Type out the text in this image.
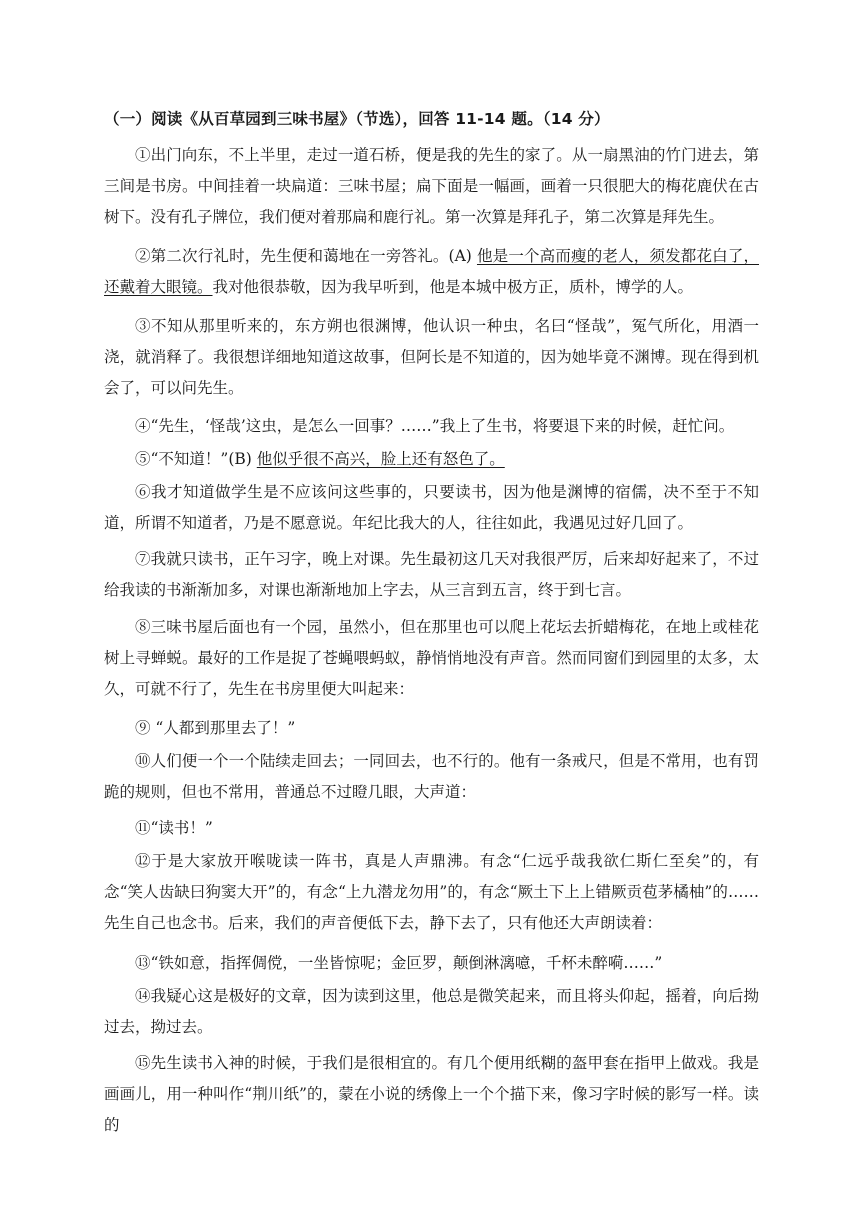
（一）阅读《从百草园到三味书屋》（节选），回答 11-14 题。（14 分）

①出门向东，不上半里，走过一道石桥，便是我的先生的家了。从一扇黑油的竹门进去，第三间是书房。中间挂着一块扁道：三味书屋；扁下面是一幅画，画着一只很肥大的梅花鹿伏在古树下。没有孔子牌位，我们便对着那扁和鹿行礼。第一次算是拜孔子，第二次算是拜先生。

②第二次行礼时，先生便和蔼地在一旁答礼。(A) 他是一个高而瘦的老人，须发都花白了，还戴着大眼镜。我对他很恭敬，因为我早听到，他是本城中极方正，质朴，博学的人。

③不知从那里听来的，东方朔也很渊博，他认识一种虫，名曰“怪哉”，冤气所化，用酒一浇，就消释了。我很想详细地知道这故事，但阿长是不知道的，因为她毕竟不渊博。现在得到机会了，可以问先生。

④“先生，‘怪哉’这虫，是怎么一回事？……”我上了生书，将要退下来的时候，赶忙问。

⑤“不知道！”(B) 他似乎很不高兴，脸上还有怒色了。

⑥我才知道做学生是不应该问这些事的，只要读书，因为他是渊博的宿儒，决不至于不知道，所谓不知道者，乃是不愿意说。年纪比我大的人，往往如此，我遇见过好几回了。

⑦我就只读书，正午习字，晚上对课。先生最初这几天对我很严厉，后来却好起来了，不过给我读的书渐渐加多，对课也渐渐地加上字去，从三言到五言，终于到七言。

⑧三味书屋后面也有一个园，虽然小，但在那里也可以爬上花坛去折蜡梅花，在地上或桂花树上寻蝉蜕。最好的工作是捉了苍蝇喂蚂蚁，静悄悄地没有声音。然而同窗们到园里的太多，太久，可就不行了，先生在书房里便大叫起来：

⑨ “人都到那里去了！”

⑩人们便一个一个陆续走回去；一同回去，也不行的。他有一条戒尺，但是不常用，也有罚跪的规则，但也不常用，普通总不过瞪几眼，大声道：

⑪“读书！”

⑫于是大家放开喉咙读一阵书，真是人声鼎沸。有念“仁远乎哉我欲仁斯仁至矣”的，有念“笑人齿缺曰狗窦大开”的，有念“上九潜龙勿用”的，有念“厥土下上上错厥贡苞茅橘柚”的……先生自己也念书。后来，我们的声音便低下去，静下去了，只有他还大声朗读着：

⑬“铁如意，指挥倜傥，一坐皆惊呢；金叵罗，颠倒淋漓噫，千杯未醉嗬……”

⑭我疑心这是极好的文章，因为读到这里，他总是微笑起来，而且将头仰起，摇着，向后拗过去，拗过去。

⑮先生读书入神的时候，于我们是很相宜的。有几个便用纸糊的盔甲套在指甲上做戏。我是画画儿，用一种叫作“荆川纸”的，蒙在小说的绣像上一个个描下来，像习字时候的影写一样。读的
